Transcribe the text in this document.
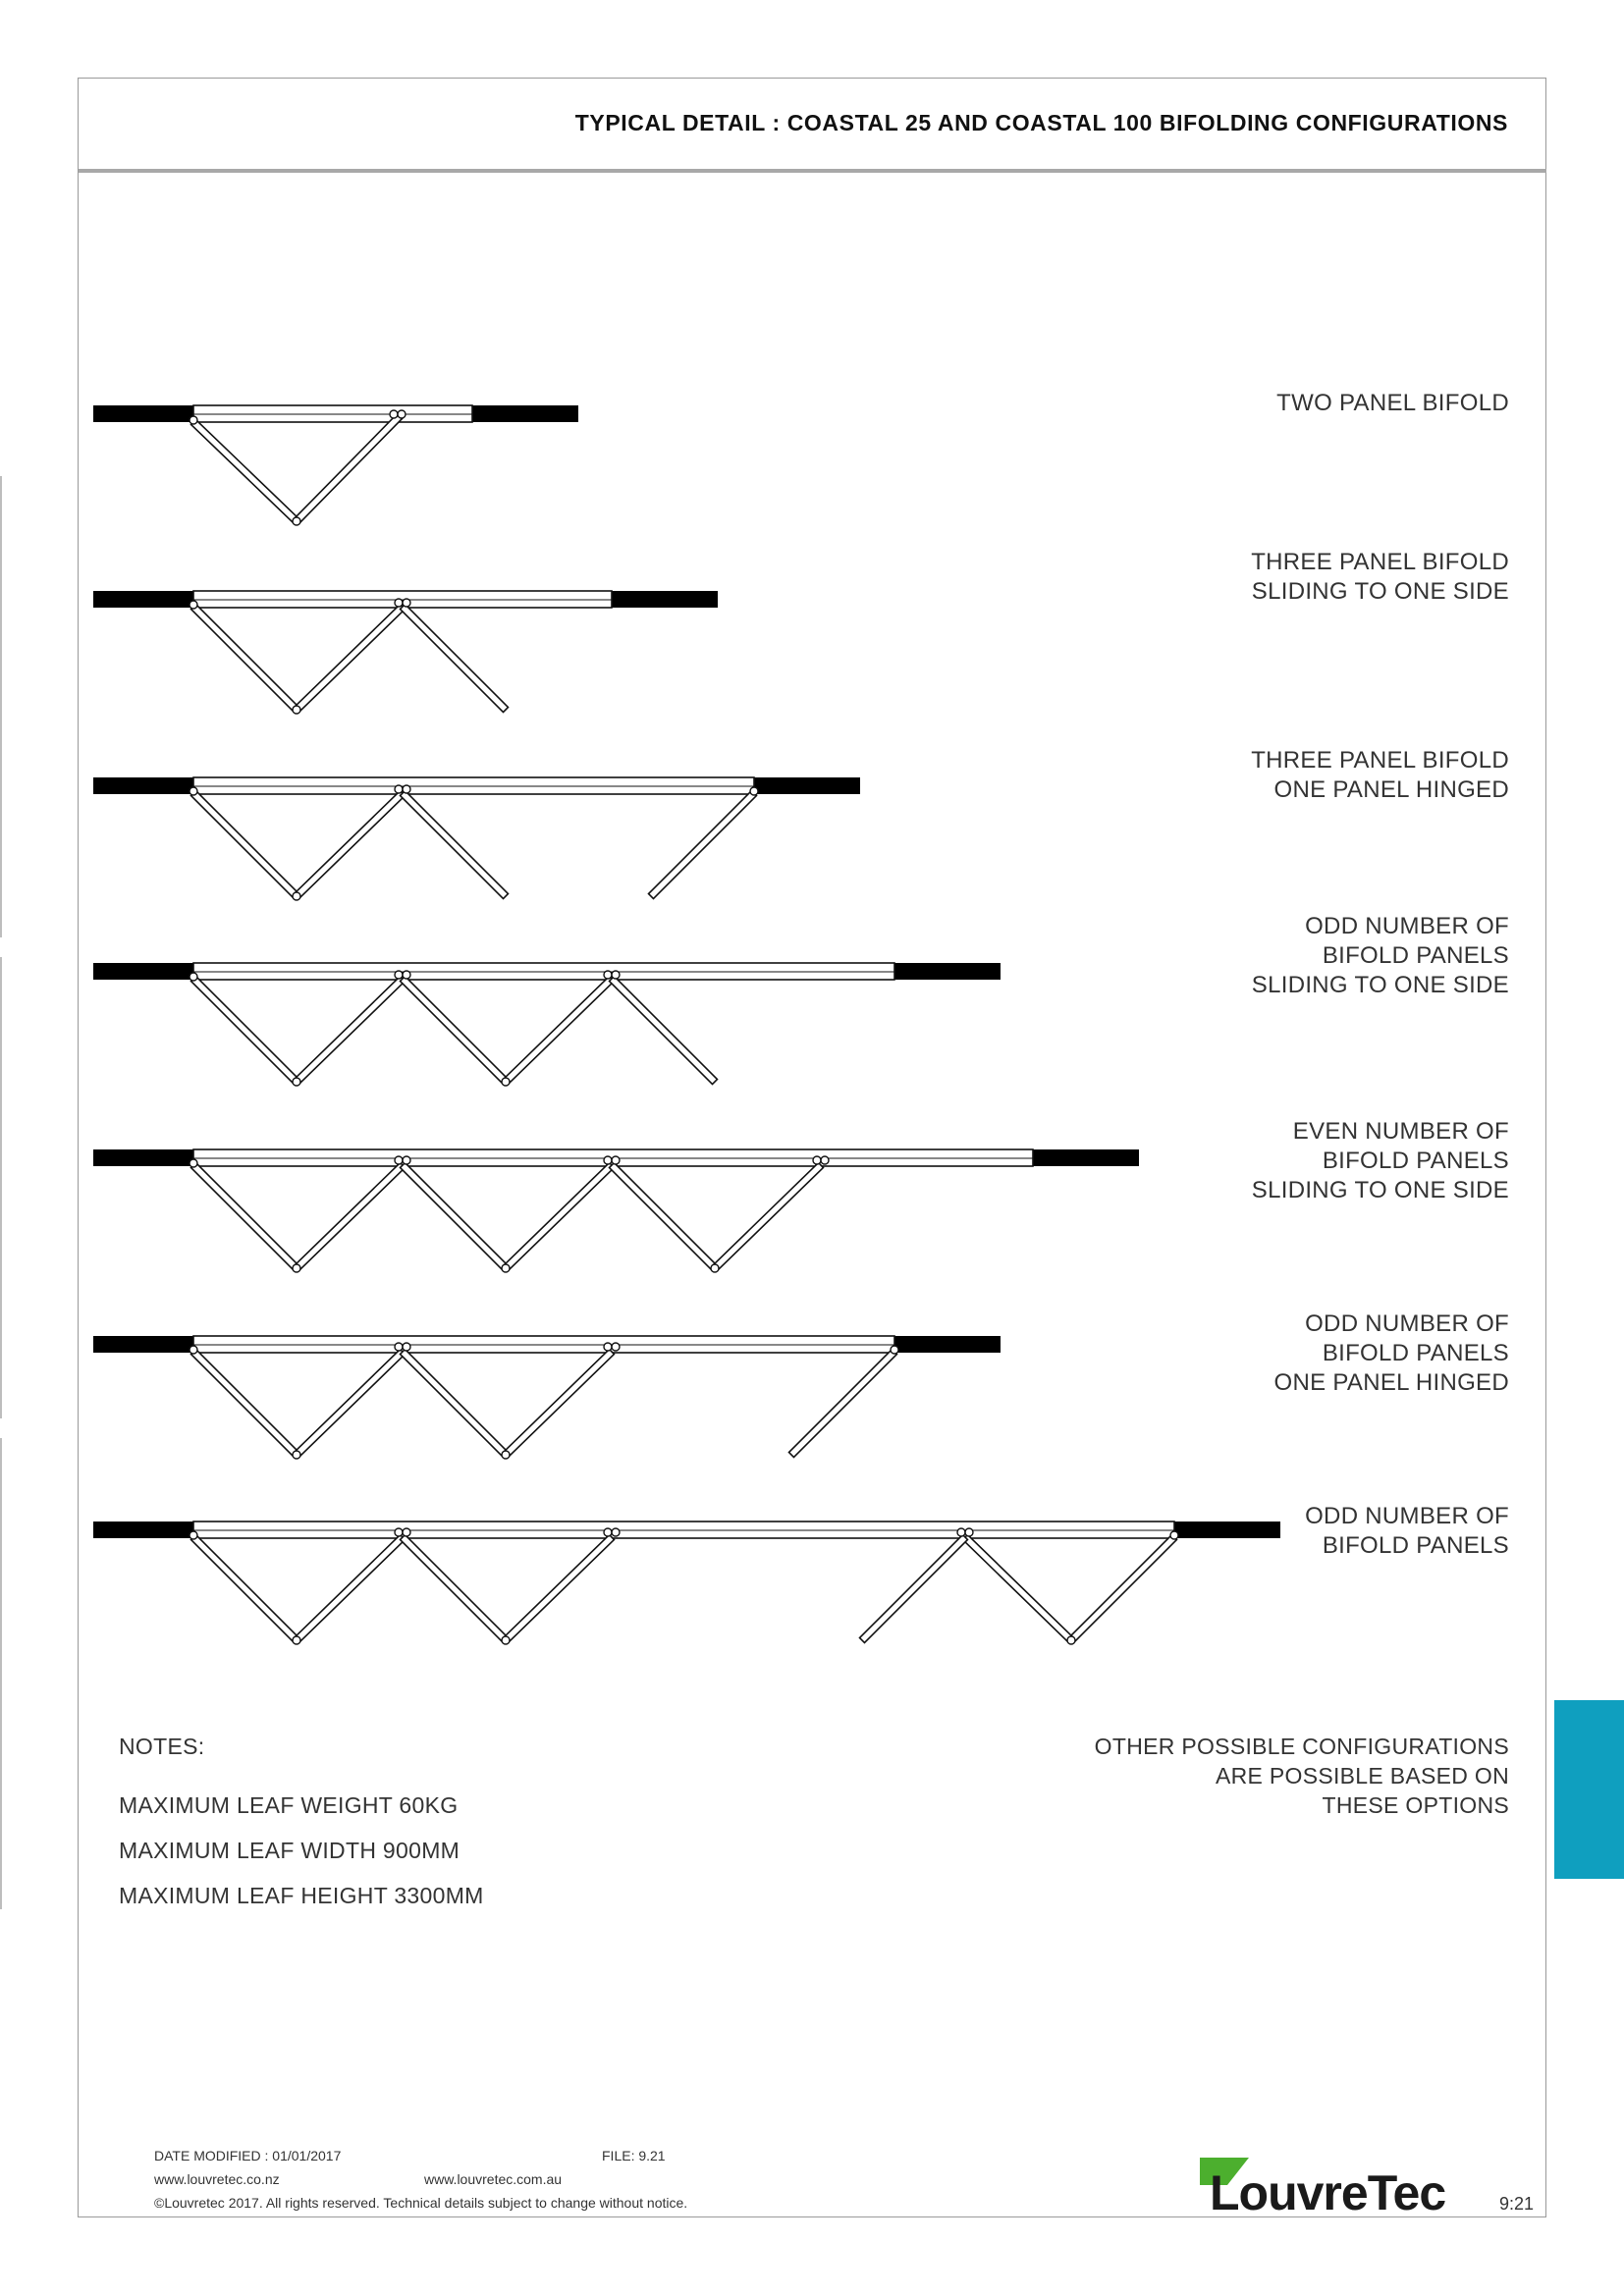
TYPICAL DETAIL : COASTAL 25 AND COASTAL 100 BIFOLDING CONFIGURATIONS
TWO PANEL BIFOLD
THREE PANEL BIFOLD
SLIDING TO ONE SIDE
THREE PANEL BIFOLD
ONE PANEL HINGED
ODD NUMBER OF
BIFOLD PANELS
SLIDING TO ONE SIDE
EVEN NUMBER OF
BIFOLD PANELS
SLIDING TO ONE SIDE
ODD NUMBER OF
BIFOLD PANELS
ONE PANEL HINGED
ODD NUMBER OF
BIFOLD PANELS
NOTES:
MAXIMUM LEAF WEIGHT 60KG
MAXIMUM LEAF WIDTH 900MM
MAXIMUM LEAF HEIGHT 3300MM
OTHER POSSIBLE CONFIGURATIONS
ARE POSSIBLE BASED ON
THESE OPTIONS
DATE MODIFIED : 01/01/2017	FILE: 9.21
www.louvretec.co.nz	www.louvretec.com.au
©Louvretec 2017. All rights reserved. Technical details subject to change without notice.	LouvreTec	9:21
